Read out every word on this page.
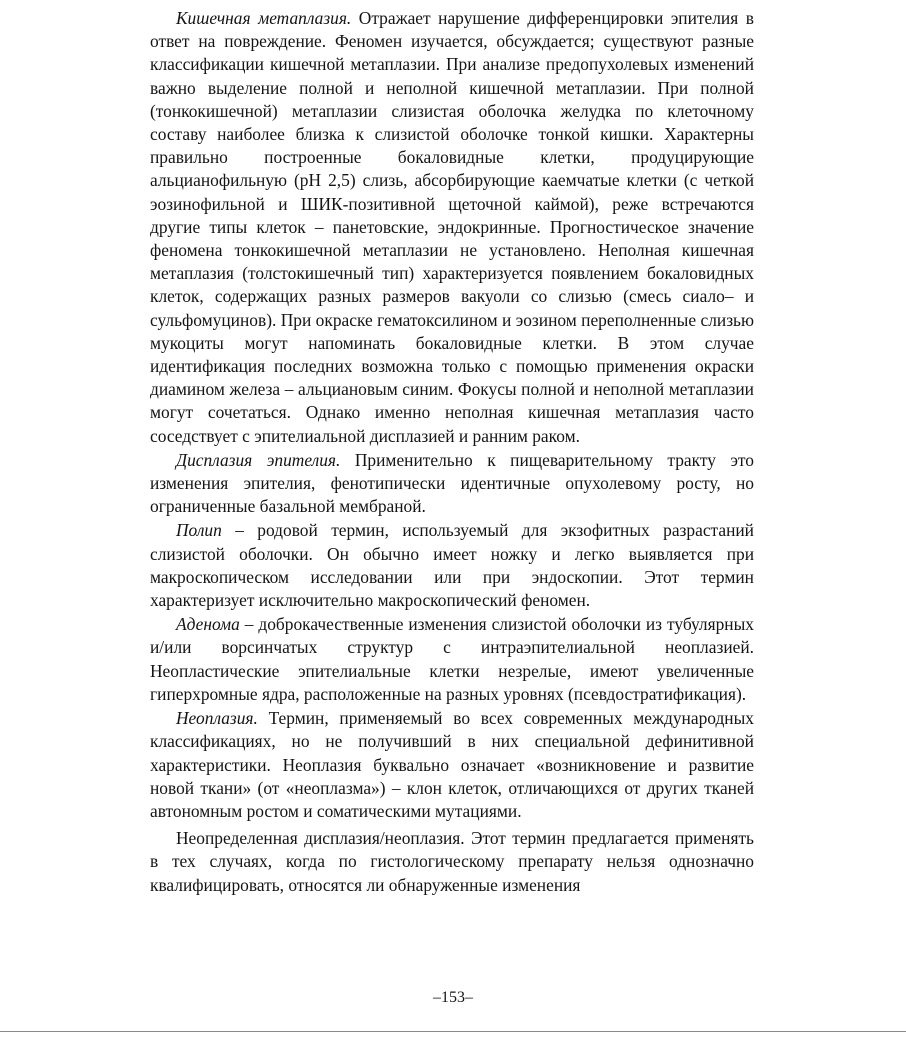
Кишечная метаплазия. Отражает нарушение дифференцировки эпителия в ответ на повреждение. Феномен изучается, обсуждается; существуют разные классификации кишечной метаплазии. При анализе предопухолевых изменений важно выделение полной и неполной кишечной метаплазии. При полной (тонкокишечной) метаплазии слизистая оболочка желудка по клеточному составу наиболее близка к слизистой оболочке тонкой кишки. Характерны правильно построенные бокаловидные клетки, продуцирующие альцианофильную (pH 2,5) слизь, абсорбирующие каемчатые клетки (с четкой эозинофильной и ШИК-позитивной щеточной каймой), реже встречаются другие типы клеток – панетовские, эндокринные. Прогностическое значение феномена тонкокишечной метаплазии не установлено. Неполная кишечная метаплазия (толстокишечный тип) характеризуется появлением бокаловидных клеток, содержащих разных размеров вакуоли со слизью (смесь сиало– и сульфомуцинов). При окраске гематоксилином и эозином переполненные слизью мукоциты могут напоминать бокаловидные клетки. В этом случае идентификация последних возможна только с помощью применения окраски диамином железа – альциановым синим. Фокусы полной и неполной метаплазии могут сочетаться. Однако именно неполная кишечная метаплазия часто соседствует с эпителиальной дисплазией и ранним раком.

Дисплазия эпителия. Применительно к пищеварительному тракту это изменения эпителия, фенотипически идентичные опухолевому росту, но ограниченные базальной мембраной.

Полип – родовой термин, используемый для экзофитных разрастаний слизистой оболочки. Он обычно имеет ножку и легко выявляется при макроскопическом исследовании или при эндоскопии. Этот термин характеризует исключительно макроскопический феномен.

Аденома – доброкачественные изменения слизистой оболочки из тубулярных и/или ворсинчатых структур с интраэпителиальной неоплазией. Неопластические эпителиальные клетки незрелые, имеют увеличенные гиперхромные ядра, расположенные на разных уровнях (псевдостратификация).

Неоплазия. Термин, применяемый во всех современных международных классификациях, но не получивший в них специальной дефинитивной характеристики. Неоплазия буквально означает «возникновение и развитие новой ткани» (от «неоплазма») – клон клеток, отличающихся от других тканей автономным ростом и соматическими мутациями.

Неопределенная дисплазия/неоплазия. Этот термин предлагается применять в тех случаях, когда по гистологическому препарату нельзя однозначно квалифицировать, относятся ли обнаруженные изменения

–153–
